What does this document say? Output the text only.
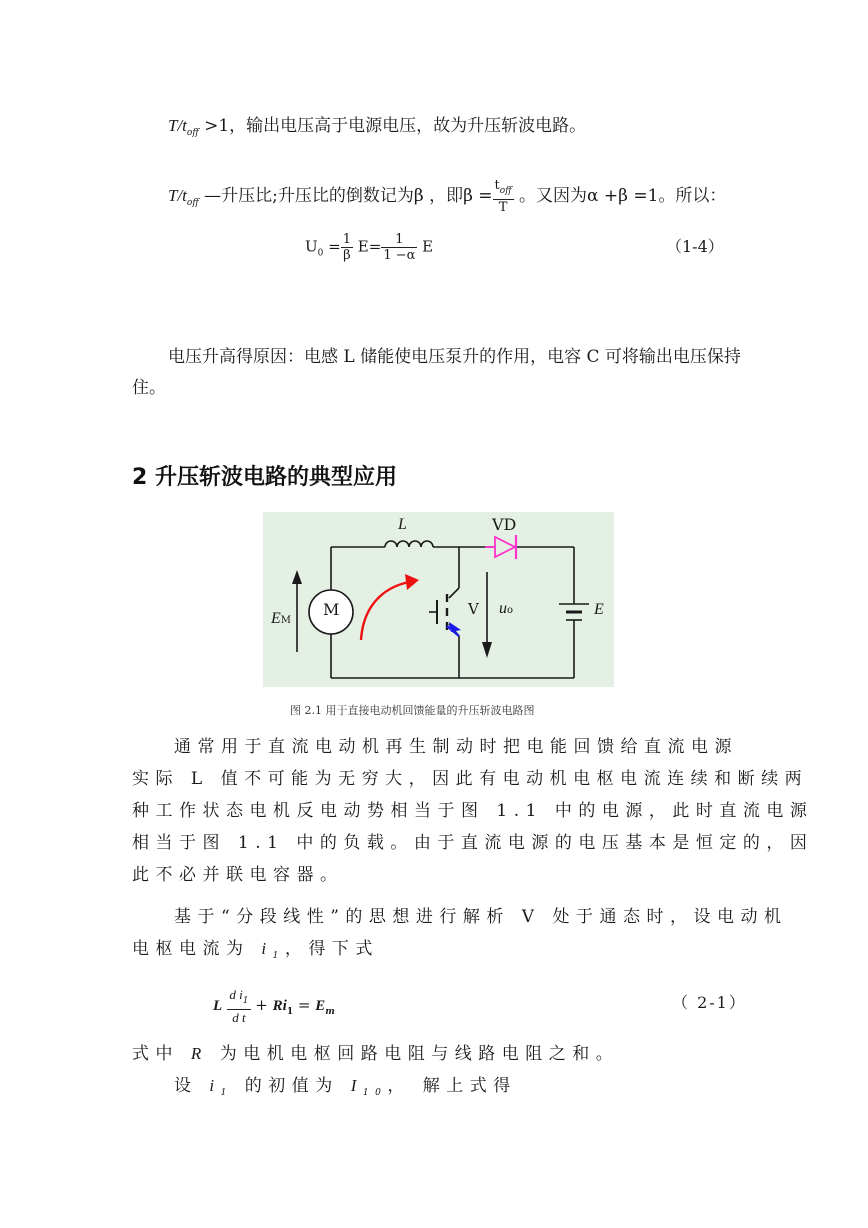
$T/t_{off} >1$，输出电压高于电源电压，故为升压斩波电路。
$T/t_{off}$ —升压比;升压比的倒数记为β ，即$\beta = \frac{t_{off}}{T}$ 。又因为α +β =1。所以：
$U_0 = \frac{1}{\beta} E= \frac{1}{1 -\alpha}$ E	（1-4）
电压升高得原因：电感 L 储能使电压泵升的作用，电容 C 可将输出电压保持
住。
2 升压斩波电路的典型应用
L	VD
EM
M	V uo	E
图 2.1 用于直接电动机回馈能量的升压斩波电路图
通常用于直流电动机再生制动时把电能回馈给直流电源
实际 L 值不可能为无穷大，因此有电动机电枢电流连续和断续两
种工作状态电机反电动势相当于图 1.1 中的电源，此时直流电源
相当于图 1.1 中的负载。由于直流电源的电压基本是恒定的，因
此不必并联电容器。
基于“分段线性”的思想进行解析 V 处于通态时，设电动机
电枢电流为 $i_1$，得下式
L $\frac{d i_1}{\text{d t}} + Ri_1 = E_m$	（ 2-1）
式中 R 为电机电枢回路电阻与线路电阻之和。
设 $i_1$ 的初值为 $I_{10}$， 解上式得
